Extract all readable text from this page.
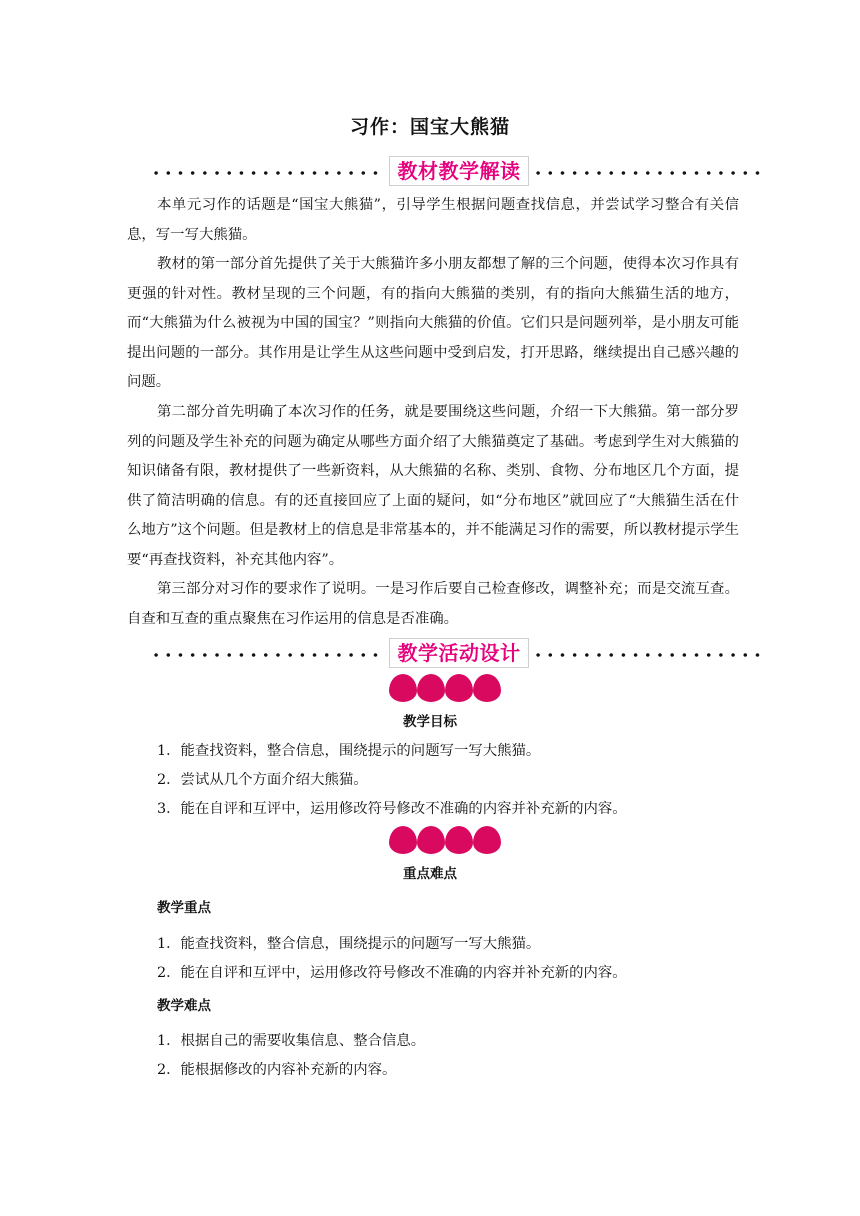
习作：国宝大熊猫
教材教学解读

本单元习作的话题是“国宝大熊猫”，引导学生根据问题查找信息，并尝试学习整合有关信息，写一写大熊猫。

教材的第一部分首先提供了关于大熊猫许多小朋友都想了解的三个问题，使得本次习作具有更强的针对性。教材呈现的三个问题，有的指向大熊猫的类别，有的指向大熊猫生活的地方，而“大熊猫为什么被视为中国的国宝？”则指向大熊猫的价值。它们只是问题列举，是小朋友可能提出问题的一部分。其作用是让学生从这些问题中受到启发，打开思路，继续提出自己感兴趣的问题。

第二部分首先明确了本次习作的任务，就是要围绕这些问题，介绍一下大熊猫。第一部分罗列的问题及学生补充的问题为确定从哪些方面介绍了大熊猫奠定了基础。考虑到学生对大熊猫的知识储备有限，教材提供了一些新资料，从大熊猫的名称、类别、食物、分布地区几个方面，提供了简洁明确的信息。有的还直接回应了上面的疑问，如“分布地区”就回应了“大熊猫生活在什么地方”这个问题。但是教材上的信息是非常基本的，并不能满足习作的需要，所以教材提示学生要“再查找资料，补充其他内容”。

第三部分对习作的要求作了说明。一是习作后要自己检查修改，调整补充；而是交流互查。自查和互查的重点聚焦在习作运用的信息是否准确。

教学活动设计
教学目标
1．能查找资料，整合信息，围绕提示的问题写一写大熊猫。
2．尝试从几个方面介绍大熊猫。
3．能在自评和互评中，运用修改符号修改不准确的内容并补充新的内容。
重点难点
教学重点
1．能查找资料，整合信息，围绕提示的问题写一写大熊猫。
2．能在自评和互评中，运用修改符号修改不准确的内容并补充新的内容。
教学难点
1．根据自己的需要收集信息、整合信息。
2．能根据修改的内容补充新的内容。
